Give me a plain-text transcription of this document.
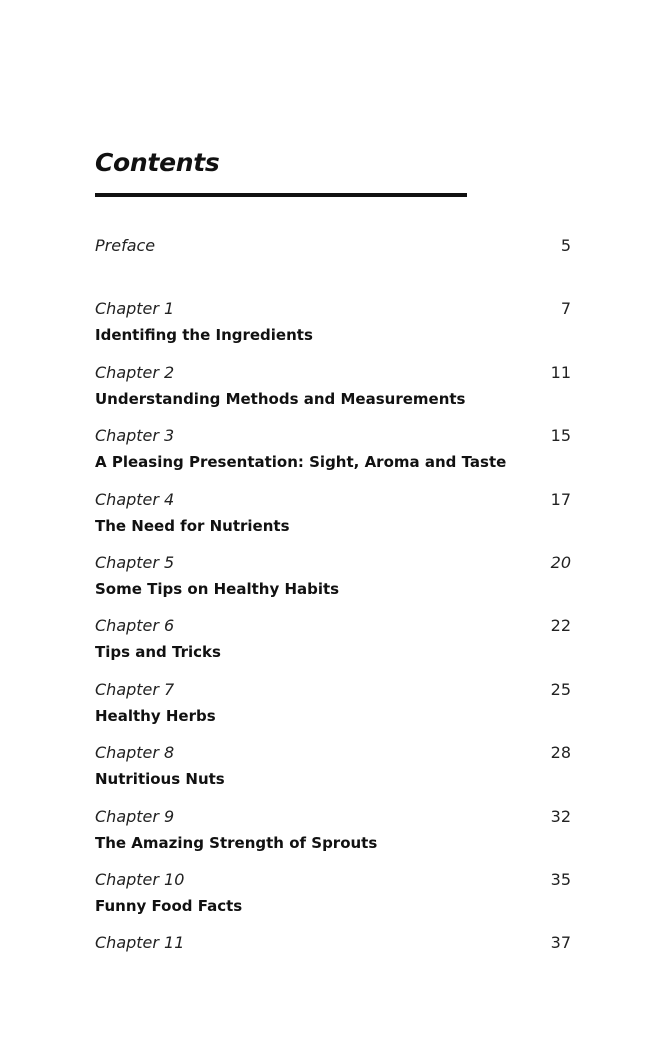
Contents
Preface	5
Chapter 1	7
Identifing the Ingredients
Chapter 2	11
Understanding Methods and Measurements
Chapter 3	15
A Pleasing Presentation: Sight, Aroma and Taste
Chapter 4	17
The Need for Nutrients
Chapter 5	20
Some Tips on Healthy Habits
Chapter 6	22
Tips and Tricks
Chapter 7	25
Healthy Herbs
Chapter 8	28
Nutritious Nuts
Chapter 9	32
The Amazing Strength of Sprouts
Chapter 10	35
Funny Food Facts
Chapter 11	37
